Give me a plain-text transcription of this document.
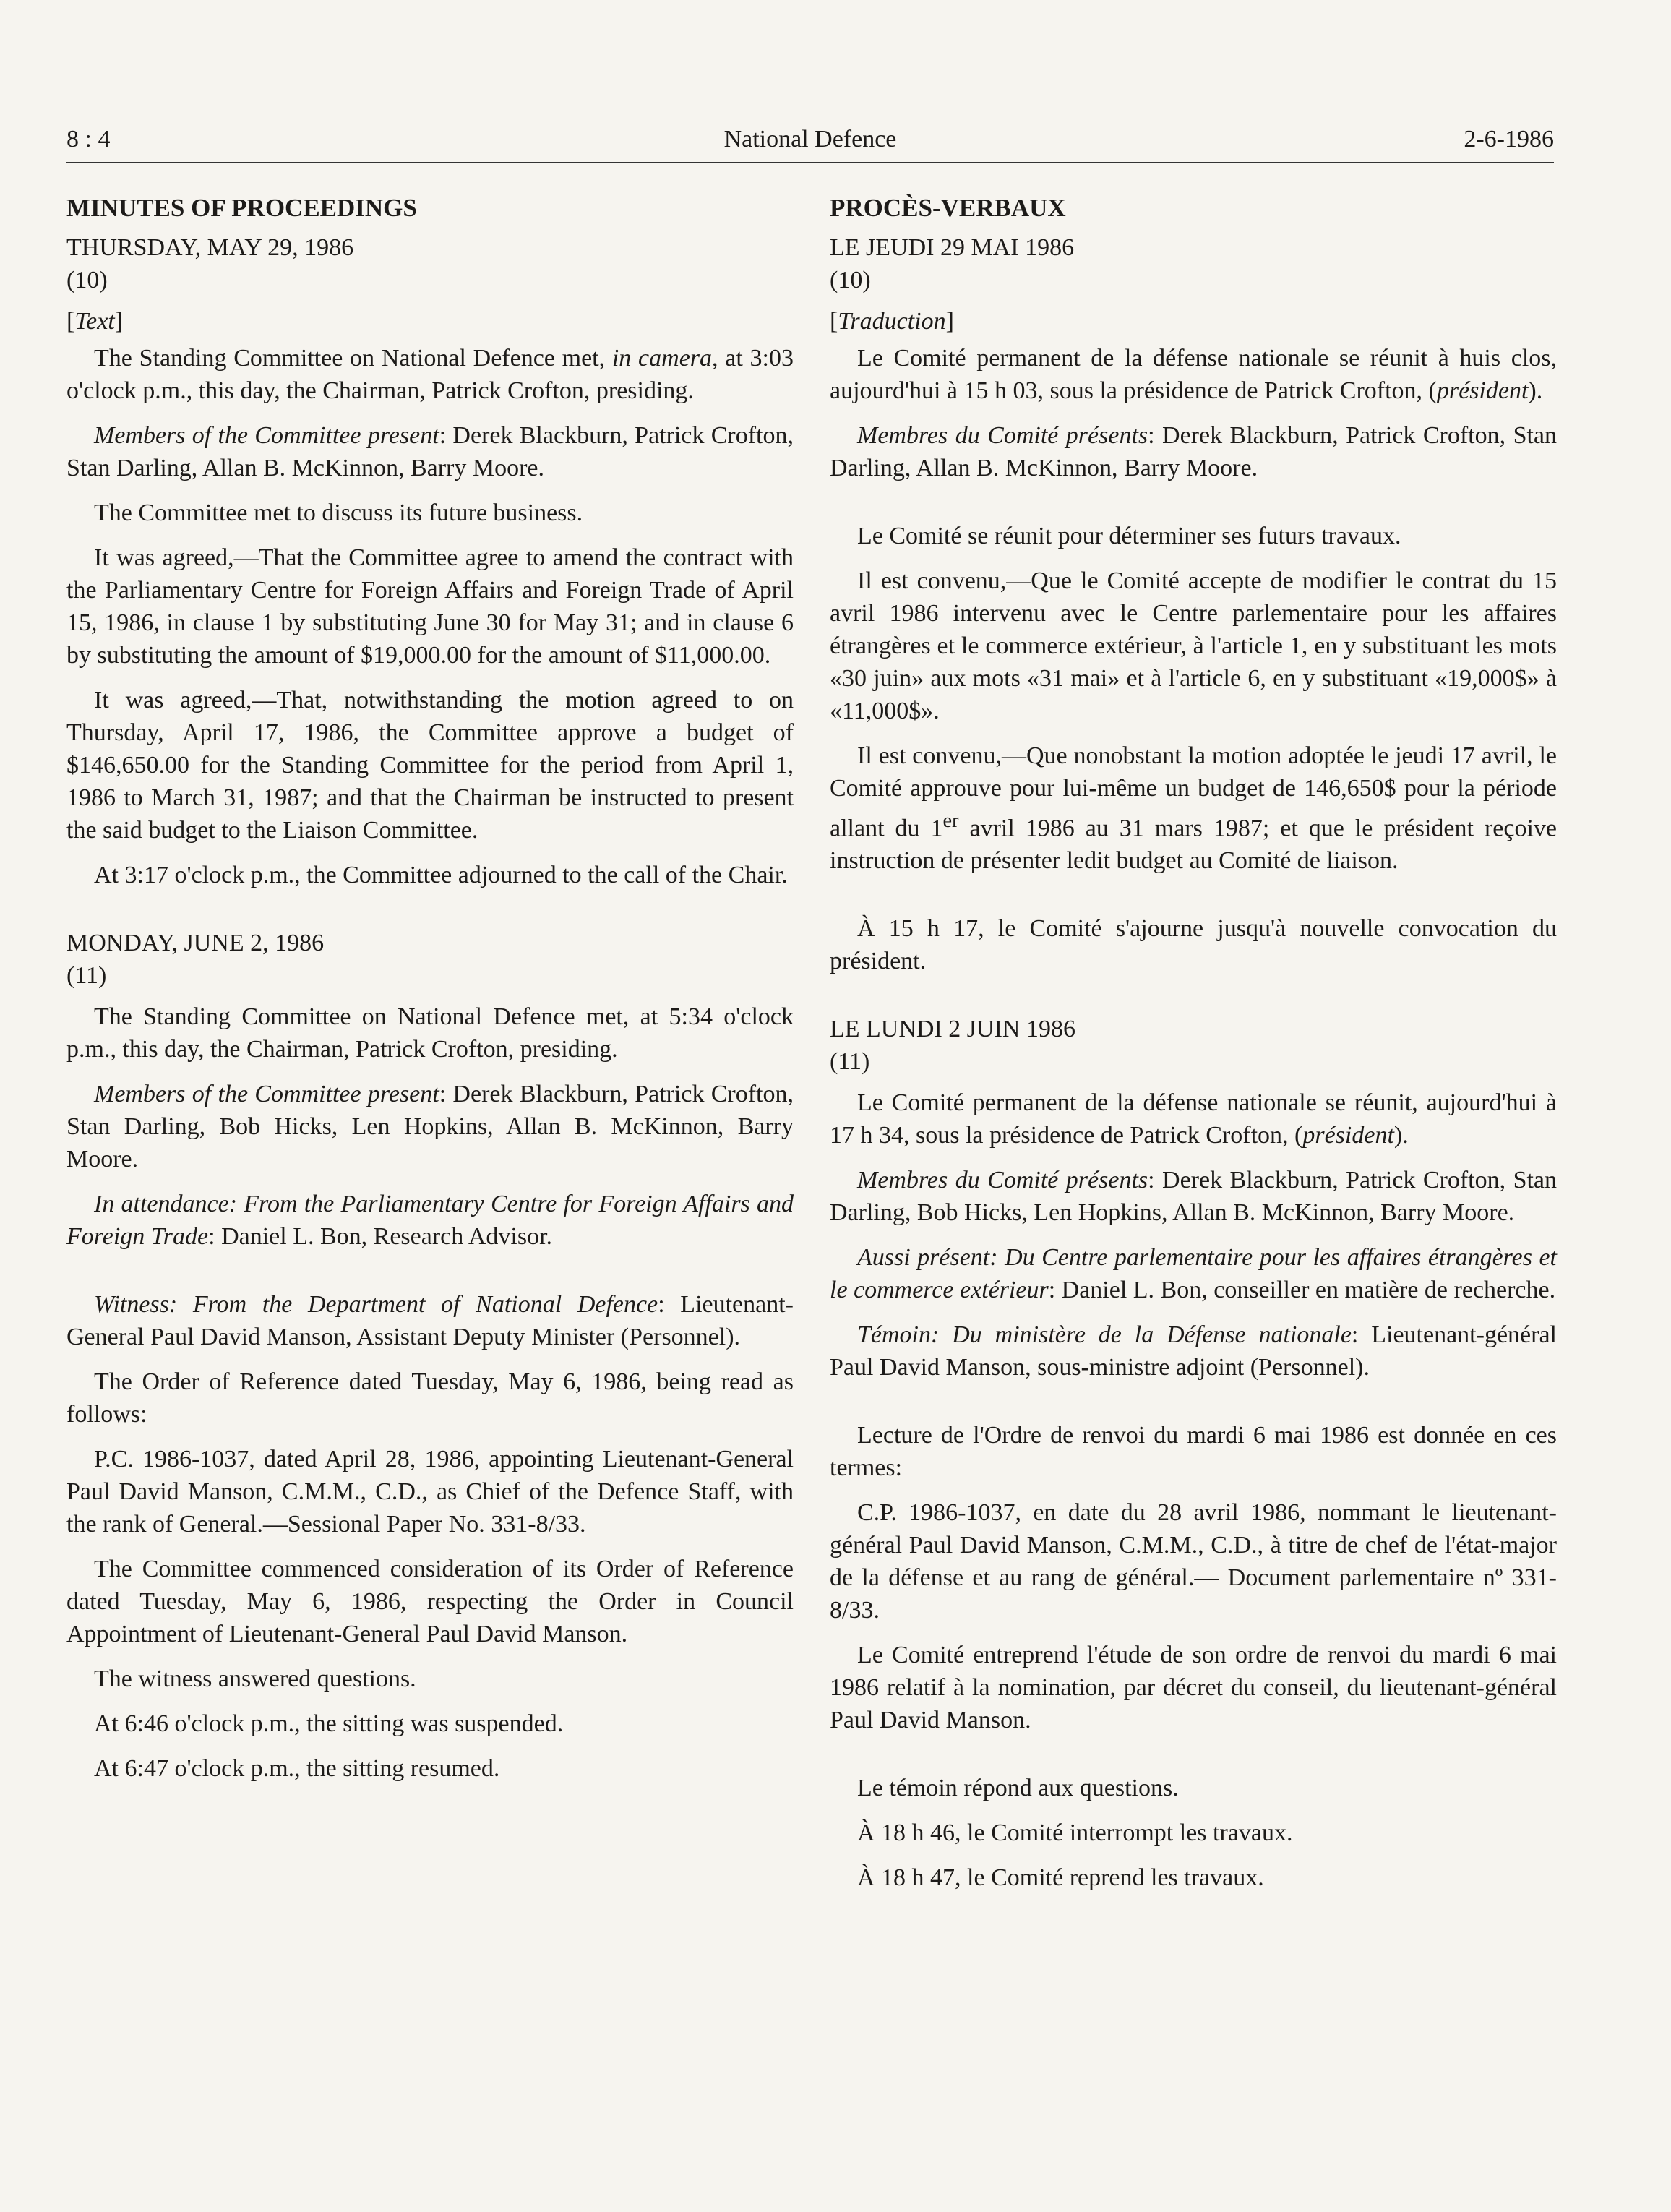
8 : 4	National Defence	2-6-1986

MINUTES OF PROCEEDINGS

THURSDAY, MAY 29, 1986

(10)

[Text]

The Standing Committee on National Defence met, in camera, at 3:03 o'clock p.m., this day, the Chairman, Patrick Crofton, presiding.

Members of the Committee present: Derek Blackburn, Patrick Crofton, Stan Darling, Allan B. McKinnon, Barry Moore.

The Committee met to discuss its future business.

It was agreed,—That the Committee agree to amend the contract with the Parliamentary Centre for Foreign Affairs and Foreign Trade of April 15, 1986, in clause 1 by substituting June 30 for May 31; and in clause 6 by substituting the amount of $19,000.00 for the amount of $11,000.00.

It was agreed,—That, notwithstanding the motion agreed to on Thursday, April 17, 1986, the Committee approve a budget of $146,650.00 for the Standing Committee for the period from April 1, 1986 to March 31, 1987; and that the Chairman be instructed to present the said budget to the Liaison Committee.

At 3:17 o'clock p.m., the Committee adjourned to the call of the Chair.

MONDAY, JUNE 2, 1986

(11)

The Standing Committee on National Defence met, at 5:34 o'clock p.m., this day, the Chairman, Patrick Crofton, presiding.

Members of the Committee present: Derek Blackburn, Patrick Crofton, Stan Darling, Bob Hicks, Len Hopkins, Allan B. McKinnon, Barry Moore.

In attendance: From the Parliamentary Centre for Foreign Affairs and Foreign Trade: Daniel L. Bon, Research Advisor.

Witness: From the Department of National Defence: Lieutenant-General Paul David Manson, Assistant Deputy Minister (Personnel).

The Order of Reference dated Tuesday, May 6, 1986, being read as follows:

P.C. 1986-1037, dated April 28, 1986, appointing Lieutenant-General Paul David Manson, C.M.M., C.D., as Chief of the Defence Staff, with the rank of General.—Sessional Paper No. 331-8/33.

The Committee commenced consideration of its Order of Reference dated Tuesday, May 6, 1986, respecting the Order in Council Appointment of Lieutenant-General Paul David Manson.

The witness answered questions.

At 6:46 o'clock p.m., the sitting was suspended.

At 6:47 o'clock p.m., the sitting resumed.

PROCÈS-VERBAUX

LE JEUDI 29 MAI 1986

(10)

[Traduction]

Le Comité permanent de la défense nationale se réunit à huis clos, aujourd'hui à 15 h 03, sous la présidence de Patrick Crofton, (président).

Membres du Comité présents: Derek Blackburn, Patrick Crofton, Stan Darling, Allan B. McKinnon, Barry Moore.

Le Comité se réunit pour déterminer ses futurs travaux.

Il est convenu,—Que le Comité accepte de modifier le contrat du 15 avril 1986 intervenu avec le Centre parlementaire pour les affaires étrangères et le commerce extérieur, à l'article 1, en y substituant les mots «30 juin» aux mots «31 mai» et à l'article 6, en y substituant «19,000$» à «11,000$».

Il est convenu,—Que nonobstant la motion adoptée le jeudi 17 avril, le Comité approuve pour lui-même un budget de 146,650$ pour la période allant du 1er avril 1986 au 31 mars 1987; et que le président reçoive instruction de présenter ledit budget au Comité de liaison.

À 15 h 17, le Comité s'ajourne jusqu'à nouvelle convocation du président.

LE LUNDI 2 JUIN 1986

(11)

Le Comité permanent de la défense nationale se réunit, aujourd'hui à 17 h 34, sous la présidence de Patrick Crofton, (président).

Membres du Comité présents: Derek Blackburn, Patrick Crofton, Stan Darling, Bob Hicks, Len Hopkins, Allan B. McKinnon, Barry Moore.

Aussi présent: Du Centre parlementaire pour les affaires étrangères et le commerce extérieur: Daniel L. Bon, conseiller en matière de recherche.

Témoin: Du ministère de la Défense nationale: Lieutenant-général Paul David Manson, sous-ministre adjoint (Personnel).

Lecture de l'Ordre de renvoi du mardi 6 mai 1986 est donnée en ces termes:

C.P. 1986-1037, en date du 28 avril 1986, nommant le lieutenant-général Paul David Manson, C.M.M., C.D., à titre de chef de l'état-major de la défense et au rang de général.— Document parlementaire nº 331-8/33.

Le Comité entreprend l'étude de son ordre de renvoi du mardi 6 mai 1986 relatif à la nomination, par décret du conseil, du lieutenant-général Paul David Manson.

Le témoin répond aux questions.

À 18 h 46, le Comité interrompt les travaux.

À 18 h 47, le Comité reprend les travaux.
